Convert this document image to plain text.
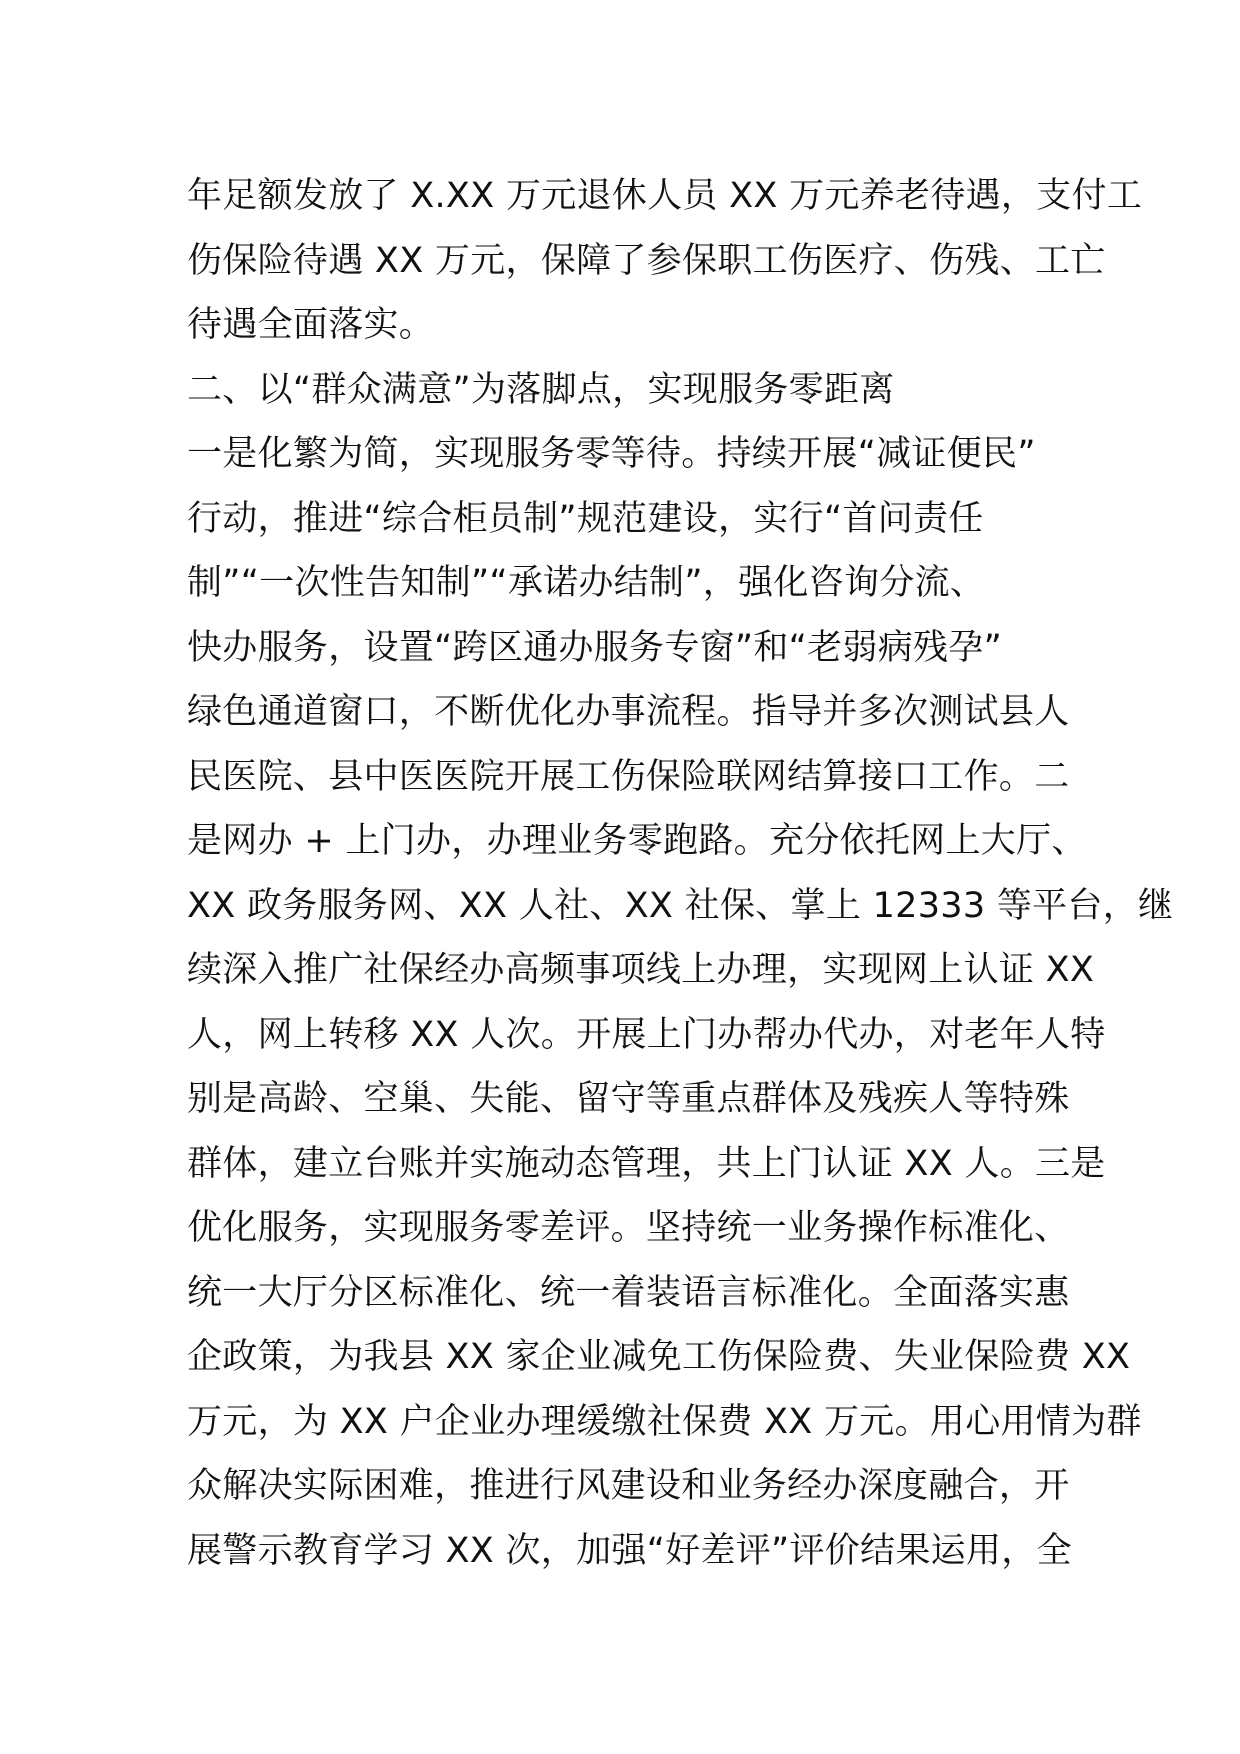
年足额发放了 X.XX 万元退休人员 XX 万元养老待遇，支付工
伤保险待遇 XX 万元，保障了参保职工伤医疗、伤残、工亡
待遇全面落实。
二、以“群众满意”为落脚点，实现服务零距离
一是化繁为简，实现服务零等待。持续开展“减证便民”
行动，推进“综合柜员制”规范建设，实行“首问责任
制”“一次性告知制”“承诺办结制”，强化咨询分流、
快办服务，设置“跨区通办服务专窗”和“老弱病残孕”
绿色通道窗口，不断优化办事流程。指导并多次测试县人
民医院、县中医医院开展工伤保险联网结算接口工作。二
是网办 + 上门办，办理业务零跑路。充分依托网上大厅、
XX 政务服务网、XX 人社、XX 社保、掌上 12333 等平台，继
续深入推广社保经办高频事项线上办理，实现网上认证 XX
人，网上转移 XX 人次。开展上门办帮办代办，对老年人特
别是高龄、空巢、失能、留守等重点群体及残疾人等特殊
群体，建立台账并实施动态管理，共上门认证 XX 人。三是
优化服务，实现服务零差评。坚持统一业务操作标准化、
统一大厅分区标准化、统一着装语言标准化。全面落实惠
企政策，为我县 XX 家企业减免工伤保险费、失业保险费 XX
万元，为 XX 户企业办理缓缴社保费 XX 万元。用心用情为群
众解决实际困难，推进行风建设和业务经办深度融合，开
展警示教育学习 XX 次，加强“好差评”评价结果运用，全
